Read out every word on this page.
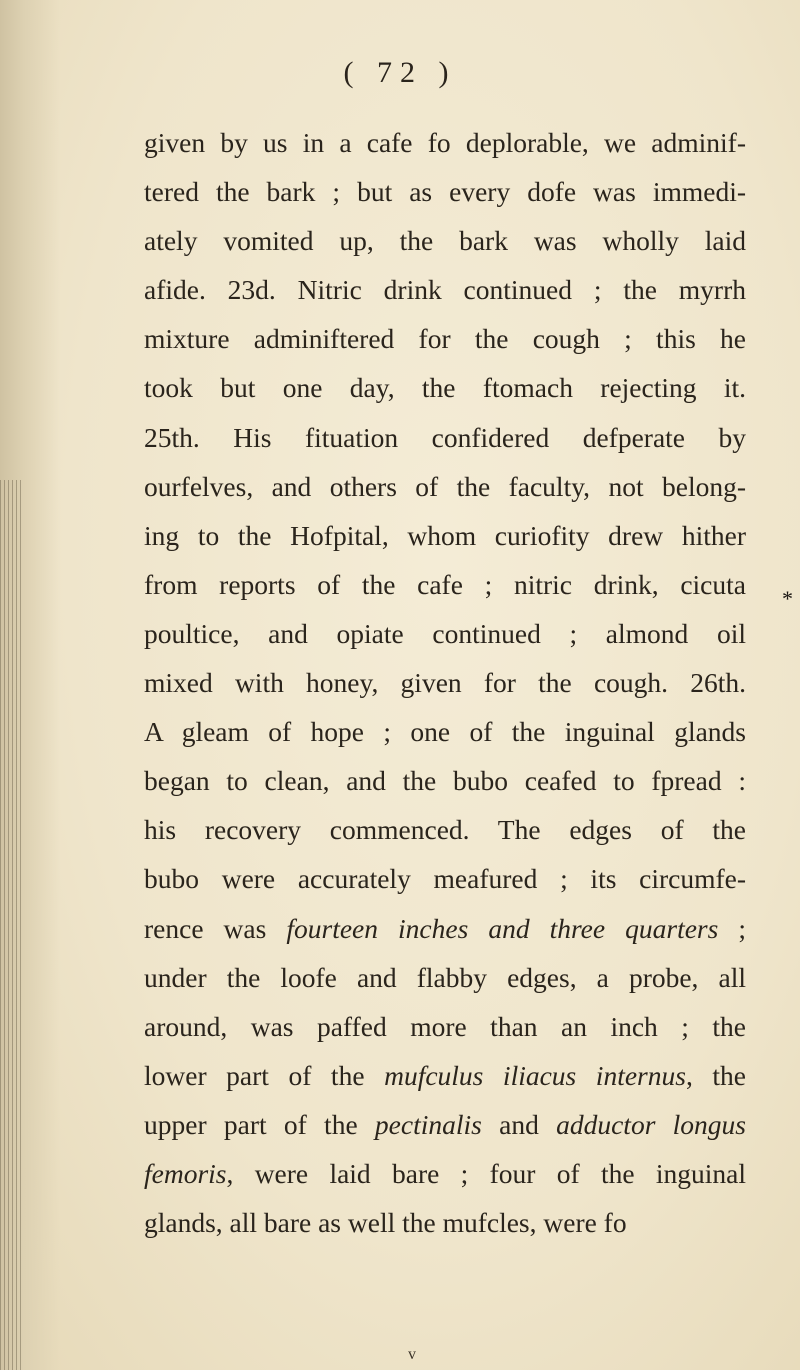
( 72 )
given by us in a cafe fo deplorable, we adminif-
tered the bark ; but as every dofe was immedi-
ately vomited up, the bark was wholly laid
afide. 23d. Nitric drink continued ; the myrrh
mixture adminiftered for the cough ; this he
took but one day, the ftomach rejecting it.
25th. His fituation confidered defperate by
ourfelves, and others of the faculty, not belong-
ing to the Hofpital, whom curiofity drew hither
from reports of the cafe ; nitric drink, cicuta
poultice, and opiate continued ; almond oil
mixed with honey, given for the cough. 26th.
A gleam of hope ; one of the inguinal glands
began to clean, and the bubo ceafed to fpread :
his recovery commenced. The edges of the
bubo were accurately meafured ; its circumfe-
rence was fourteen inches and three quarters ;
under the loofe and flabby edges, a probe, all
around, was paffed more than an inch ; the
lower part of the mufculus iliacus internus, the
upper part of the pectinalis and adductor longus
femoris, were laid bare ; four of the inguinal
glands, all bare as well the mufcles, were fo
*
v
